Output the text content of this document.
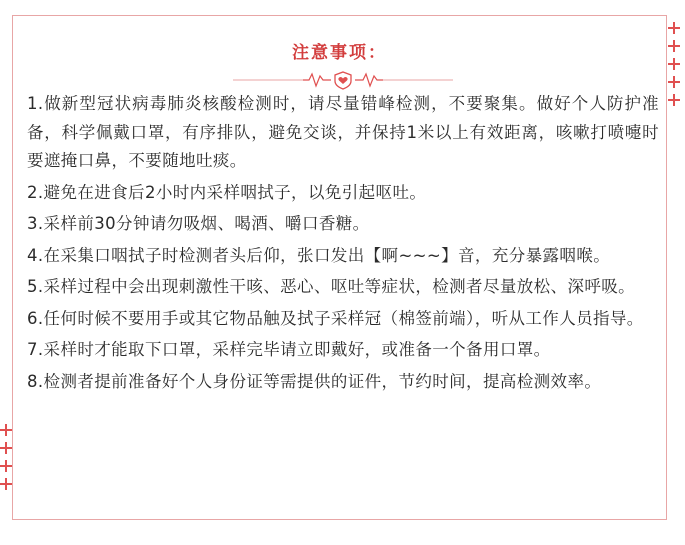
注意事项：
1.做新型冠状病毒肺炎核酸检测时，请尽量错峰检测，不要聚集。做好个人防护准备，科学佩戴口罩，有序排队，避免交谈，并保持1米以上有效距离，咳嗽打喷嚏时要遮掩口鼻，不要随地吐痰。
2.避免在进食后2小时内采样咽拭子，以免引起呕吐。
3.采样前30分钟请勿吸烟、喝酒、嚼口香糖。
4.在采集口咽拭子时检测者头后仰，张口发出【啊~~~】音，充分暴露咽喉。
5.采样过程中会出现刺激性干咳、恶心、呕吐等症状，检测者尽量放松、深呼吸。
6.任何时候不要用手或其它物品触及拭子采样冠（棉签前端），听从工作人员指导。
7.采样时才能取下口罩，采样完毕请立即戴好，或准备一个备用口罩。
8.检测者提前准备好个人身份证等需提供的证件，节约时间，提高检测效率。
